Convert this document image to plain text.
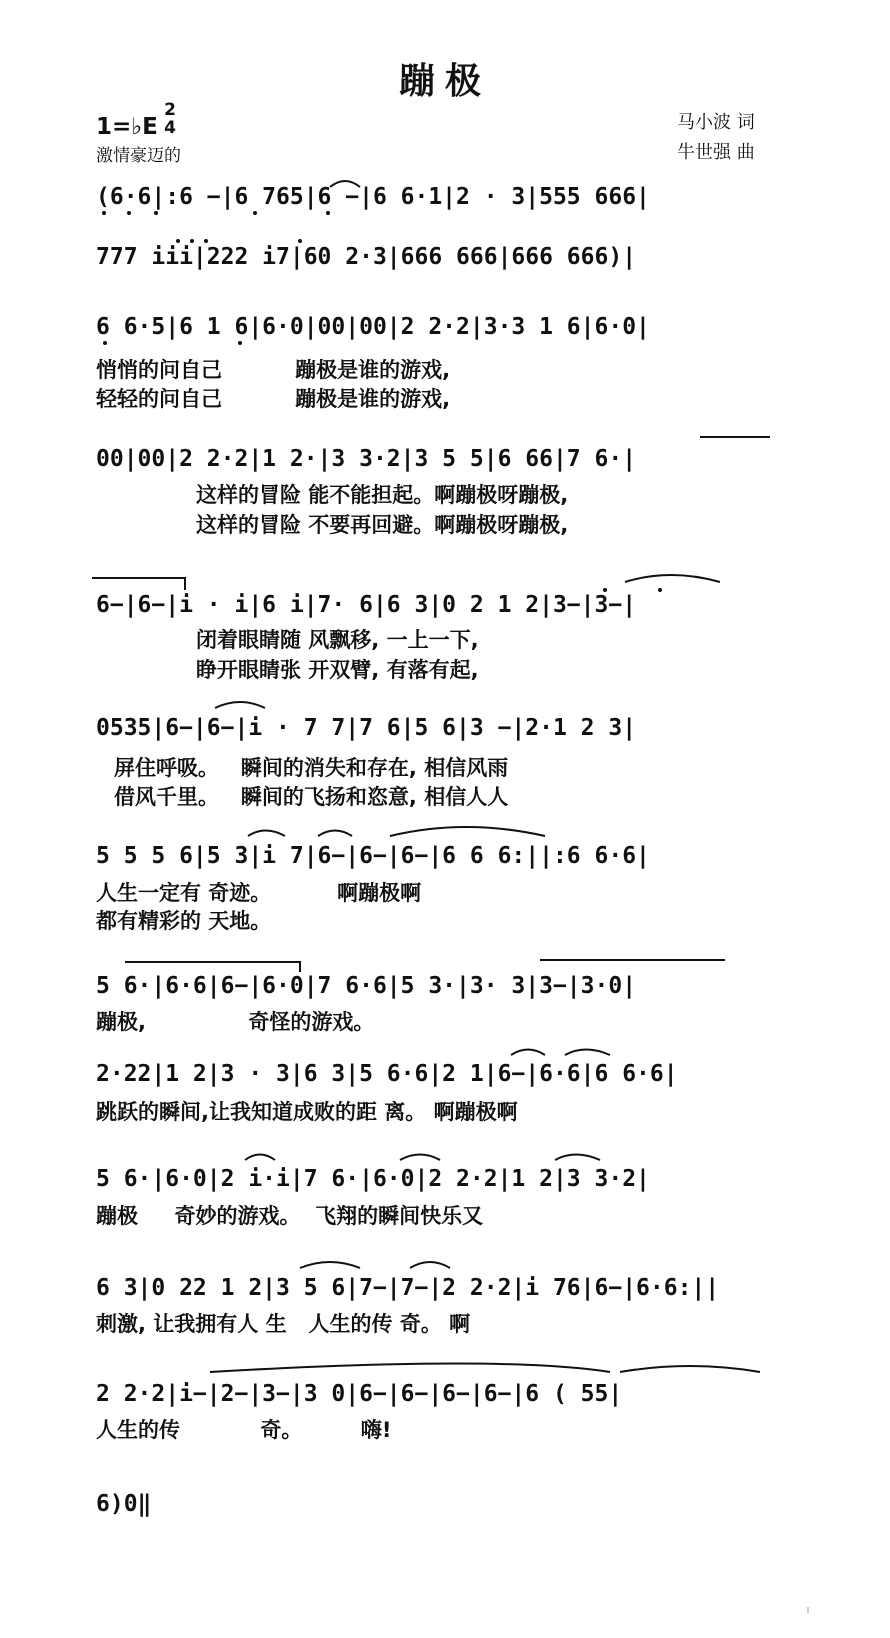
蹦极
1=♭E
2
4
激情豪迈的
马小波 词
牛世强 曲
(6·6|:6 −|6 765|6 −|6 6·1|2 · 3|555 666|
777 iii|222 i7|60 2·3|666 666|666 666)|
6 6·5|6 1 6|6·0|00|00|2 2·2|3·3 1 6|6·0|
悄悄的问自己          蹦极是谁的游戏,
轻轻的问自己          蹦极是谁的游戏,
00|00|2 2·2|1 2·|3 3·2|3 5 5|6 66|7 6·|
这样的冒险 能不能担起。啊蹦极呀蹦极,
这样的冒险 不要再回避。啊蹦极呀蹦极,
6−|6−|i · i|6 i|7· 6|6 3|0 2 1 2|3−|3−|
闭着眼睛随 风飘移, 一上一下,
睁开眼睛张 开双臂, 有落有起,
0535|6−|6−|i · 7 7|7 6|5 6|3 −|2·1 2 3|
屏住呼吸。   瞬间的消失和存在, 相信风雨
借风千里。   瞬间的飞扬和恣意, 相信人人
5 5 5 6|5 3|i 7|6−|6−|6−|6 6 6:||:6 6·6|
人生一定有 奇迹。         啊蹦极啊
都有精彩的 天地。
5 6·|6·6|6−|6·0|7 6·6|5 3·|3· 3|3−|3·0|
蹦极,              奇怪的游戏。
2·22|1 2|3 · 3|6 3|5 6·6|2 1|6−|6·6|6 6·6|
跳跃的瞬间,让我知道成败的距 离。 啊蹦极啊
5 6·|6·0|2 i·i|7 6·|6·0|2 2·2|1 2|3 3·2|
蹦极     奇妙的游戏。  飞翔的瞬间快乐又
6 3|0 22 1 2|3 5 6|7−|7−|2 2·2|i 76|6−|6·6:||
刺激, 让我拥有人 生   人生的传 奇。 啊
2 2·2|i−|2−|3−|3 0|6−|6−|6−|6−|6 ( 55|
人生的传           奇。        嗨!
6)0‖
